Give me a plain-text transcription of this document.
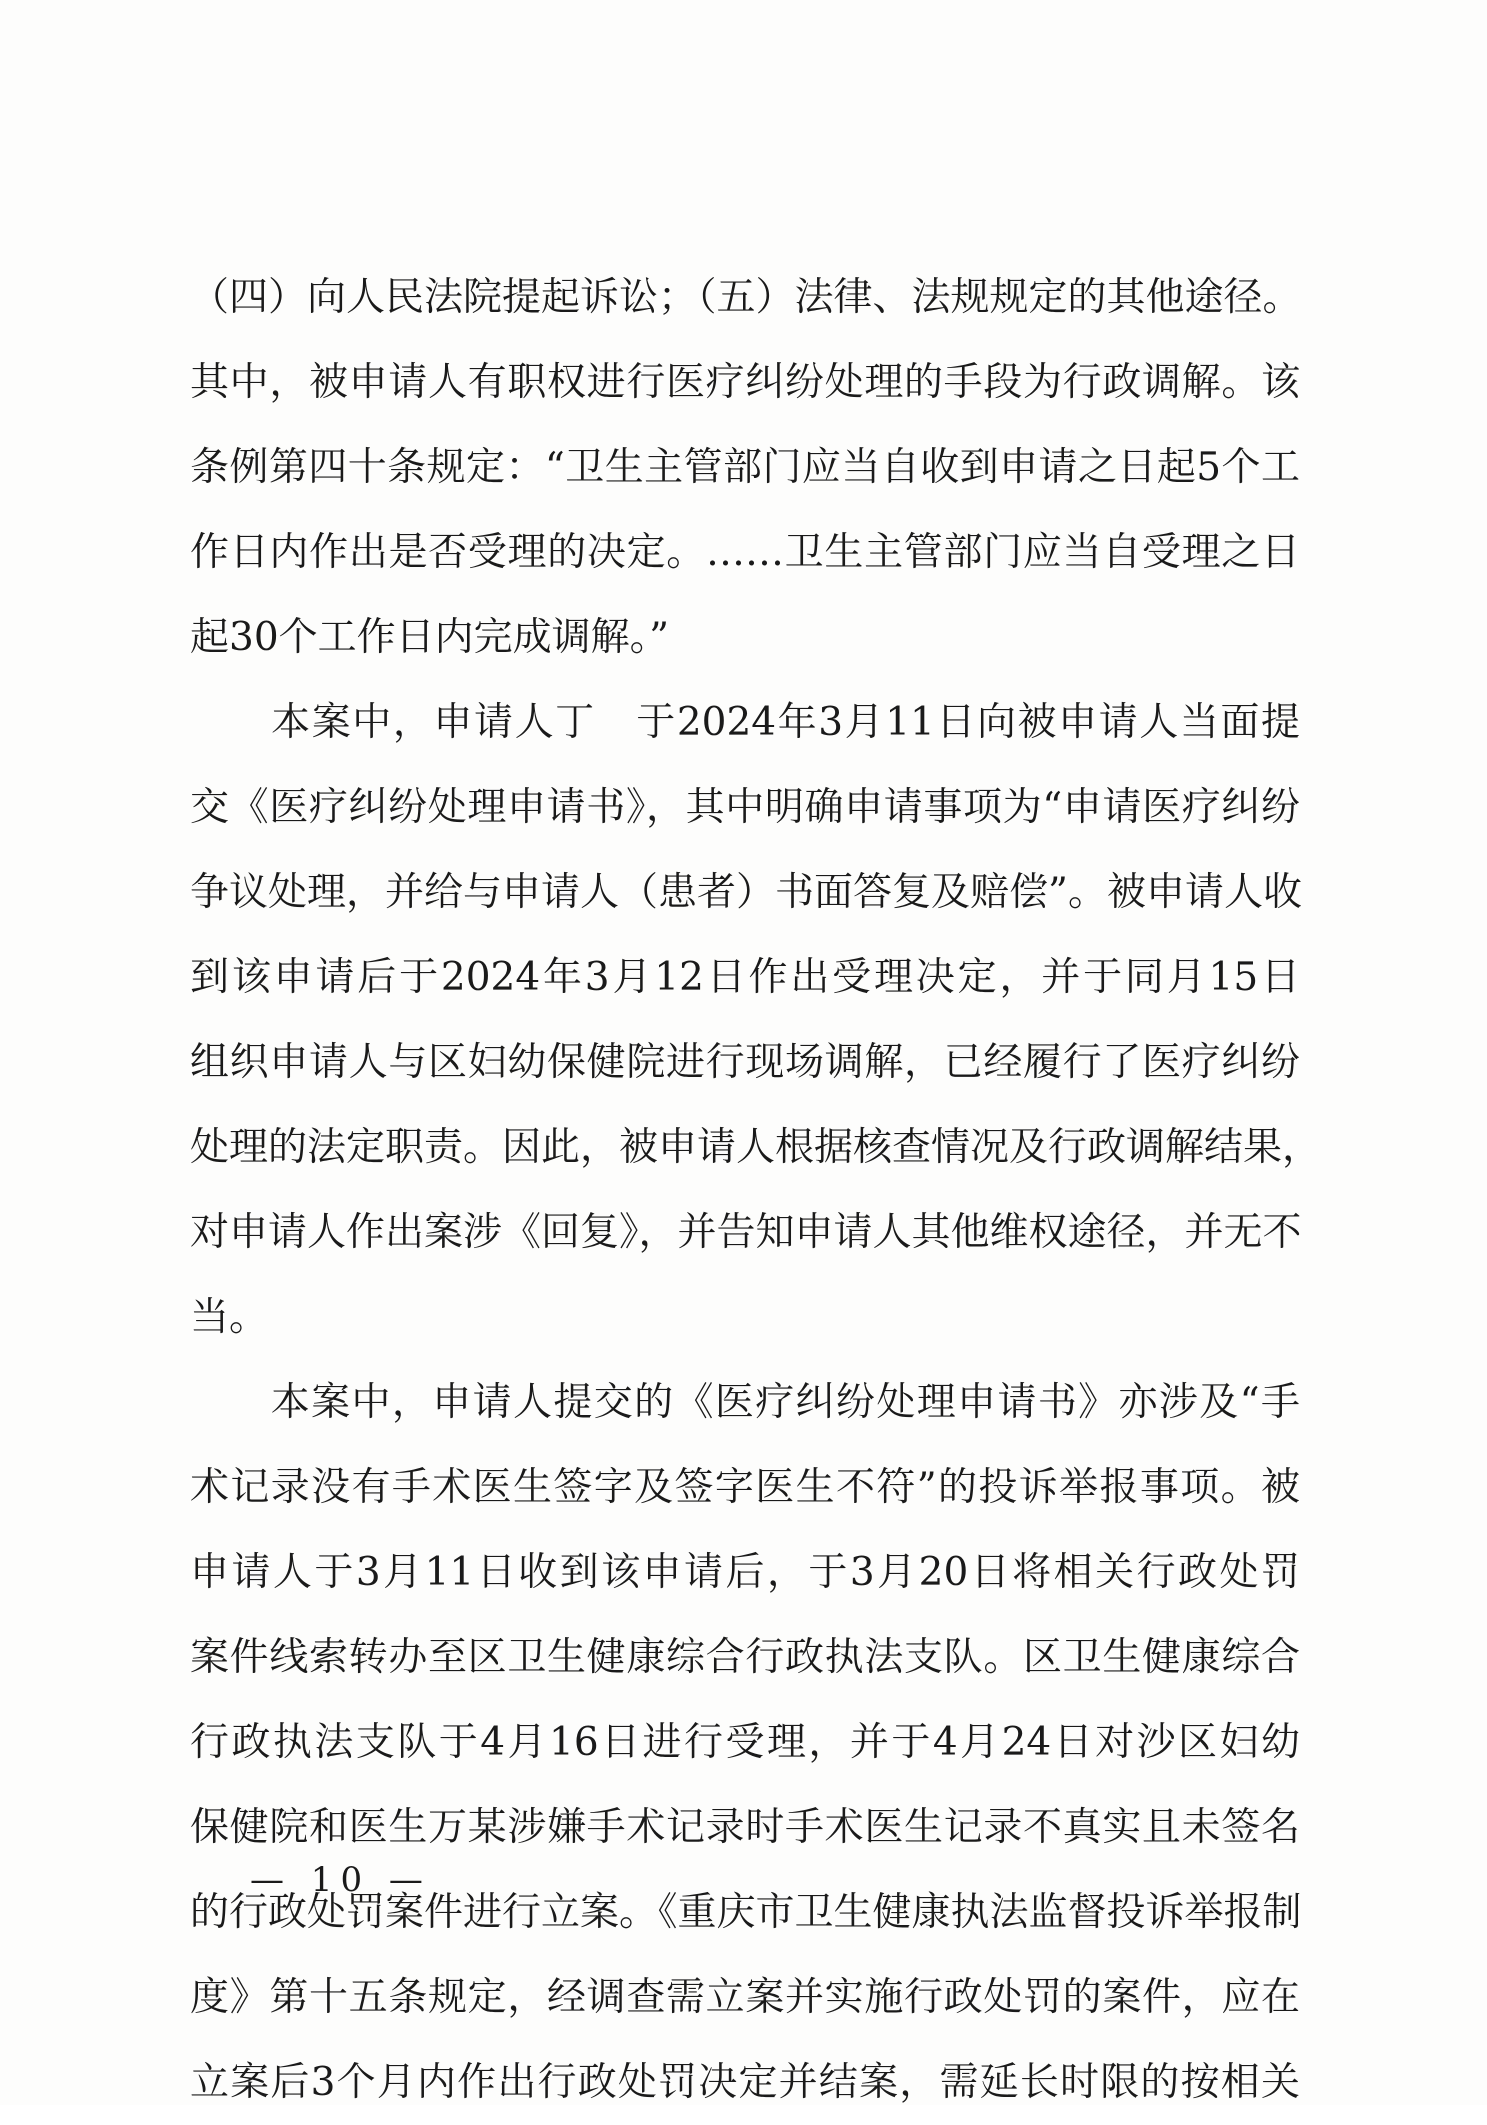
（四）向人民法院提起诉讼；（五）法律、法规规定的其他途径。
其中，被申请人有职权进行医疗纠纷处理的手段为行政调解。该
条例第四十条规定：“卫生主管部门应当自收到申请之日起5个工
作日内作出是否受理的决定。……卫生主管部门应当自受理之日
起30个工作日内完成调解。”
　　本案中，申请人丁　于2024年3月11日向被申请人当面提
交《医疗纠纷处理申请书》，其中明确申请事项为“申请医疗纠纷
争议处理，并给与申请人（患者）书面答复及赔偿”。被申请人收
到该申请后于2024年3月12日作出受理决定，并于同月15日
组织申请人与区妇幼保健院进行现场调解，已经履行了医疗纠纷
处理的法定职责。因此，被申请人根据核查情况及行政调解结果，
对申请人作出案涉《回复》，并告知申请人其他维权途径，并无不
当。
　　本案中，申请人提交的《医疗纠纷处理申请书》亦涉及“手
术记录没有手术医生签字及签字医生不符”的投诉举报事项。被
申请人于3月11日收到该申请后，于3月20日将相关行政处罚
案件线索转办至区卫生健康综合行政执法支队。区卫生健康综合
行政执法支队于4月16日进行受理，并于4月24日对沙区妇幼
保健院和医生万某涉嫌手术记录时手术医生记录不真实且未签名
的行政处罚案件进行立案。《重庆市卫生健康执法监督投诉举报制
度》第十五条规定，经调查需立案并实施行政处罚的案件，应在
立案后3个月内作出行政处罚决定并结案，需延长时限的按相关
— 10 —
